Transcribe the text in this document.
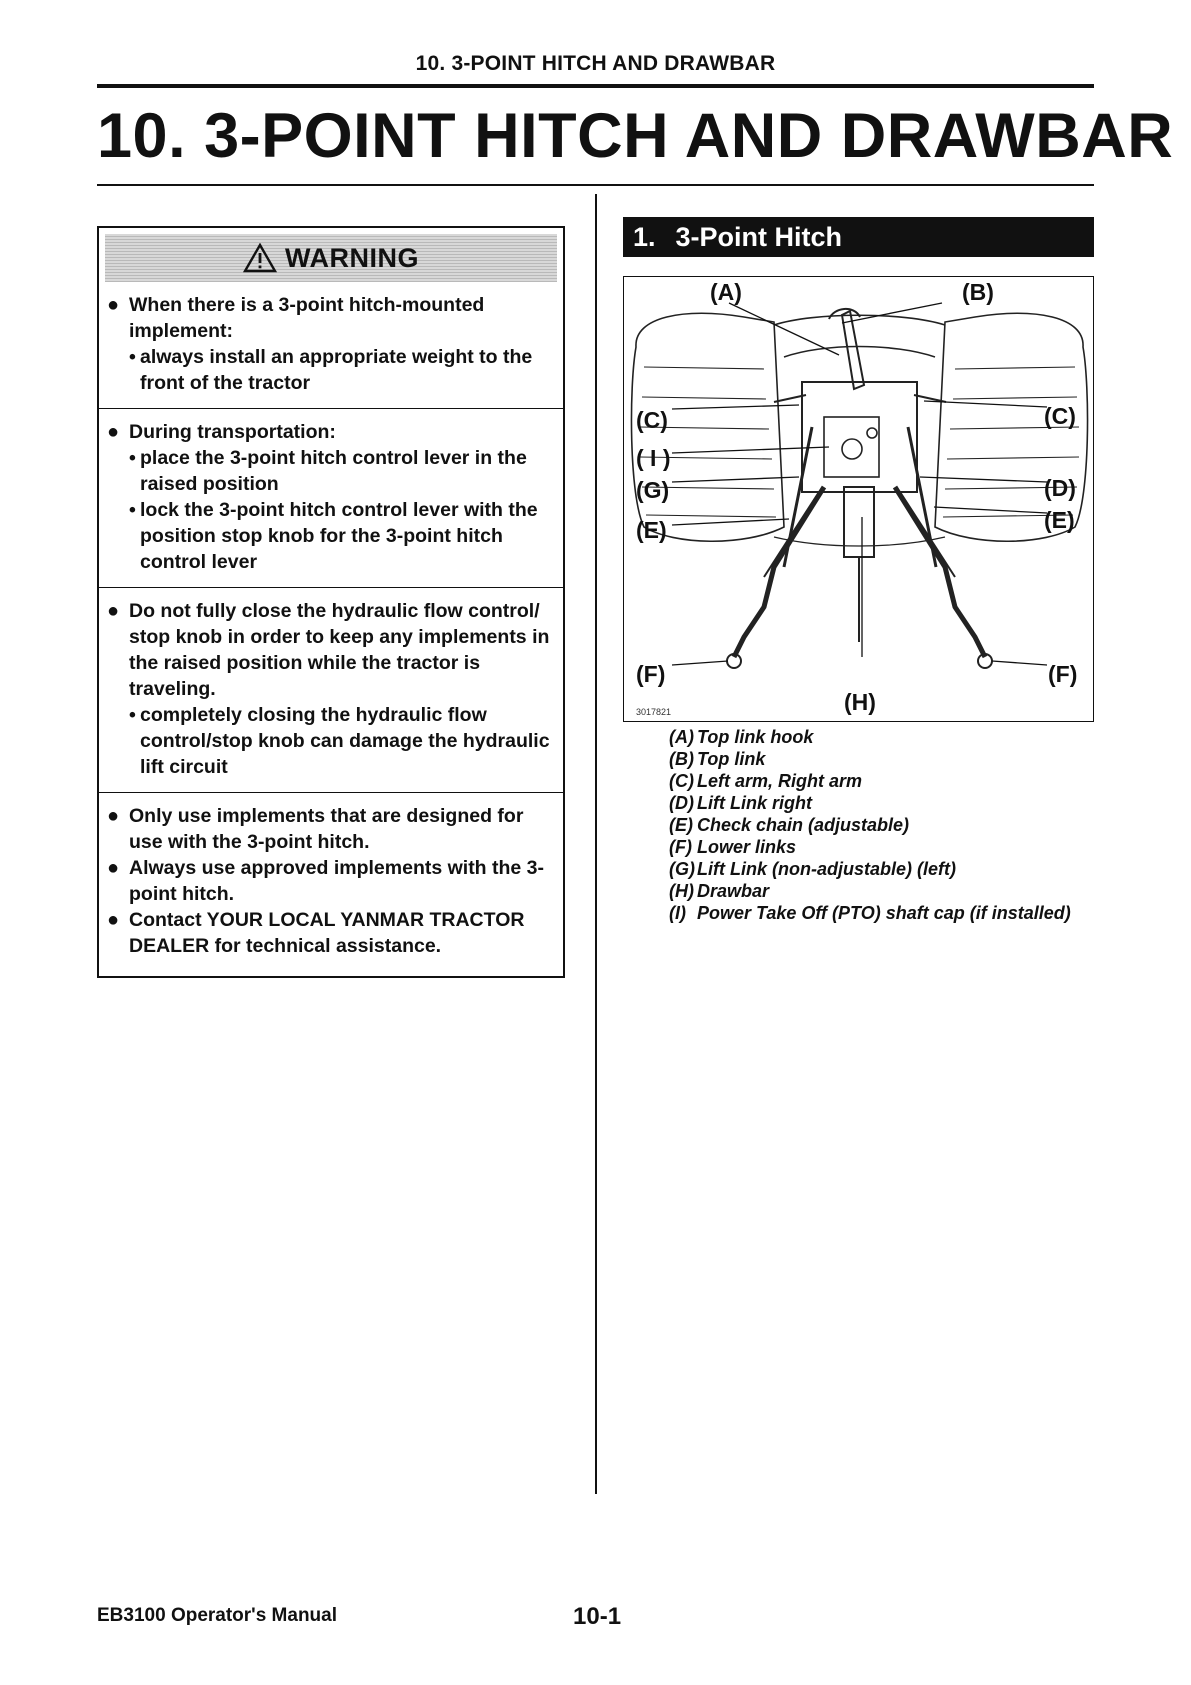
10. 3-POINT HITCH AND DRAWBAR
10. 3-POINT HITCH AND DRAWBAR
WARNING
● When there is a 3-point hitch-mounted implement:
• always install an appropriate weight to the front of the tractor
● During transportation:
• place the 3-point hitch control lever in the raised position
• lock the 3-point hitch control lever with the position stop knob for the 3-point hitch control lever
● Do not fully close the hydraulic flow control/ stop knob in order to keep any implements in the raised position while the tractor is traveling.
• completely closing the hydraulic flow control/stop knob can damage the hydraulic lift circuit
● Only use implements that are designed for use with the 3-point hitch.
● Always use approved implements with the 3-point hitch.
● Contact YOUR LOCAL YANMAR TRACTOR DEALER for technical assistance.
1. 3-Point Hitch
(A)	(B)
(C)	(C)
( I )
(G)	(D)
(E)	(E)
(F)	(F)
(H)
3017821
(A) Top link hook
(B) Top link
(C) Left arm, Right arm
(D) Lift Link right
(E) Check chain (adjustable)
(F) Lower links
(G) Lift Link (non-adjustable) (left)
(H) Drawbar
(I) Power Take Off (PTO) shaft cap (if installed)
EB3100 Operator's Manual	10-1
